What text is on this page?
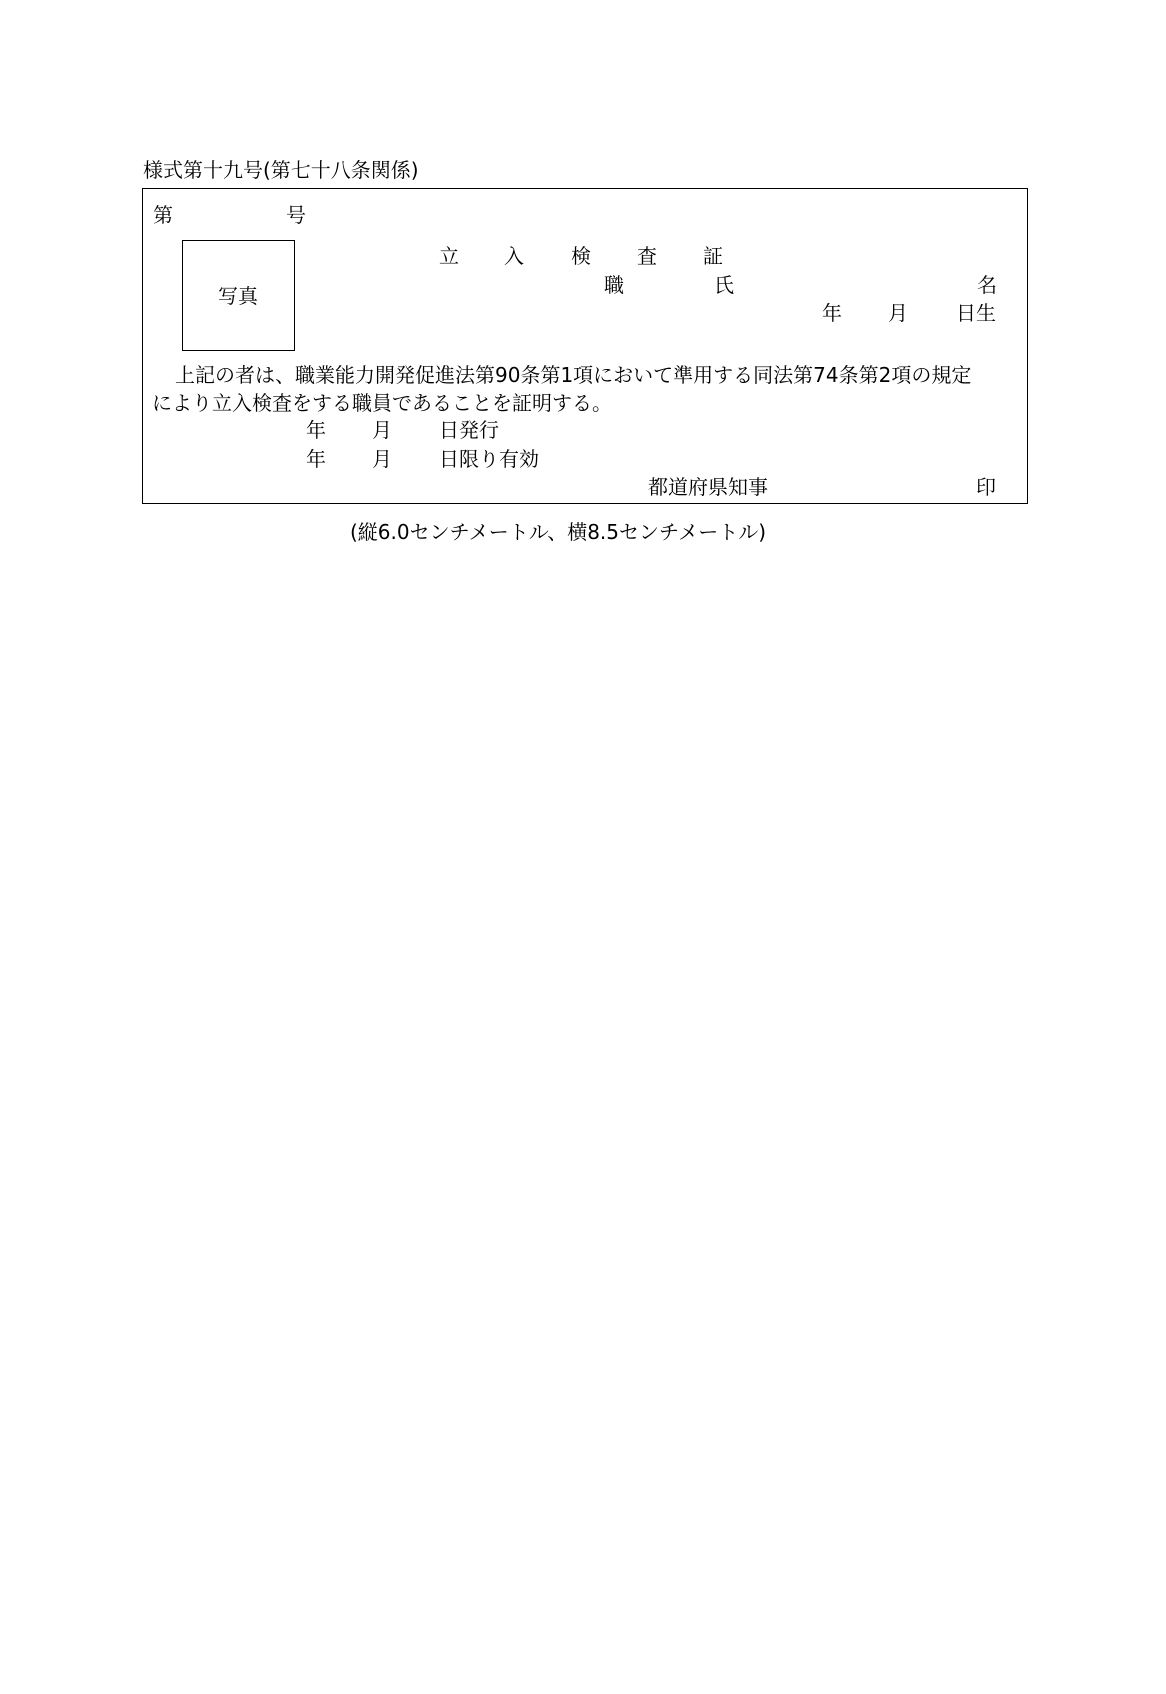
様式第十九号(第七十八条関係)
第	号
写真
立 入 検 査 証
職	氏	名
年 月 日生
上記の者は、職業能力開発促進法第90条第1項において準用する同法第74条第2項の規定
により立入検査をする職員であることを証明する。
年 月 日発行
年 月 日限り有効
都道府県知事	印
(縦6.0センチメートル、横8.5センチメートル)
